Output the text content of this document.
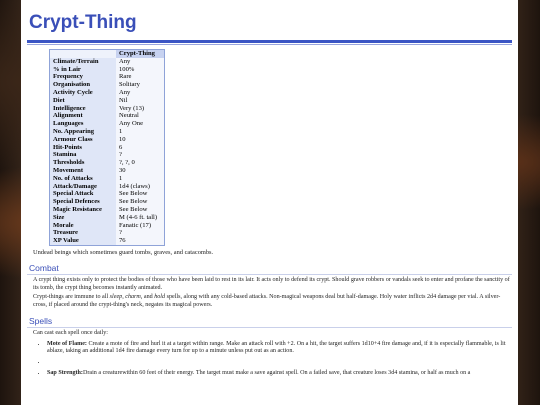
Crypt-Thing
	Crypt-Thing
Climate/Terrain	Any
% in Lair	100%
Frequency	Rare
Organisation	Solitary
Activity Cycle	Any
Diet	Nil
Intelligence	Very (13)
Alignment	Neutral
Languages	Any One
No. Appearing	1
Armour Class	10
Hit-Points	6
Stamina	?
Thresholds	?, ?, 0
Movement	30
No. of Attacks	1
Attack/Damage	1d4 (claws)
Special Attack	See Below
Special Defences	See Below
Magic Resistance	See Below
Size	M (4-6 ft. tall)
Morale	Fanatic (17)
Treasure	?
XP Value	76
Undead beings which sometimes guard tombs, graves, and catacombs.
Combat
A crypt thing exists only to protect the bodies of those who have been laid to rest in its lair. It acts only to defend its crypt. Should grave robbers or vandals seek to enter and profane the sanctity of its tomb, the crypt thing becomes instantly animated.
Crypt-things are immune to all sleep, charm, and hold spells, along with any cold-based attacks. Non-magical weapons deal but half-damage. Holy water inflicts 2d4 damage per vial. A silver-cross, if placed around the crypt-thing's neck, negates its magical powers.
Spells
Can cast each spell once daily:
• Mote of Flame: Create a mote of fire and hurl it at a target within range. Make an attack roll with +2. On a hit, the target suffers 1d10+4 fire damage and, if it is especially flammable, is lit ablaze, taking an additional 1d4 fire damage every turn for up to a minute unless put out as an action.
•
• Sap Strength:Drain a creaturewithin 60 feet of their energy. The target must make a save against spell. On a failed save, that creature loses 3d4 stamina, or half as much on a
